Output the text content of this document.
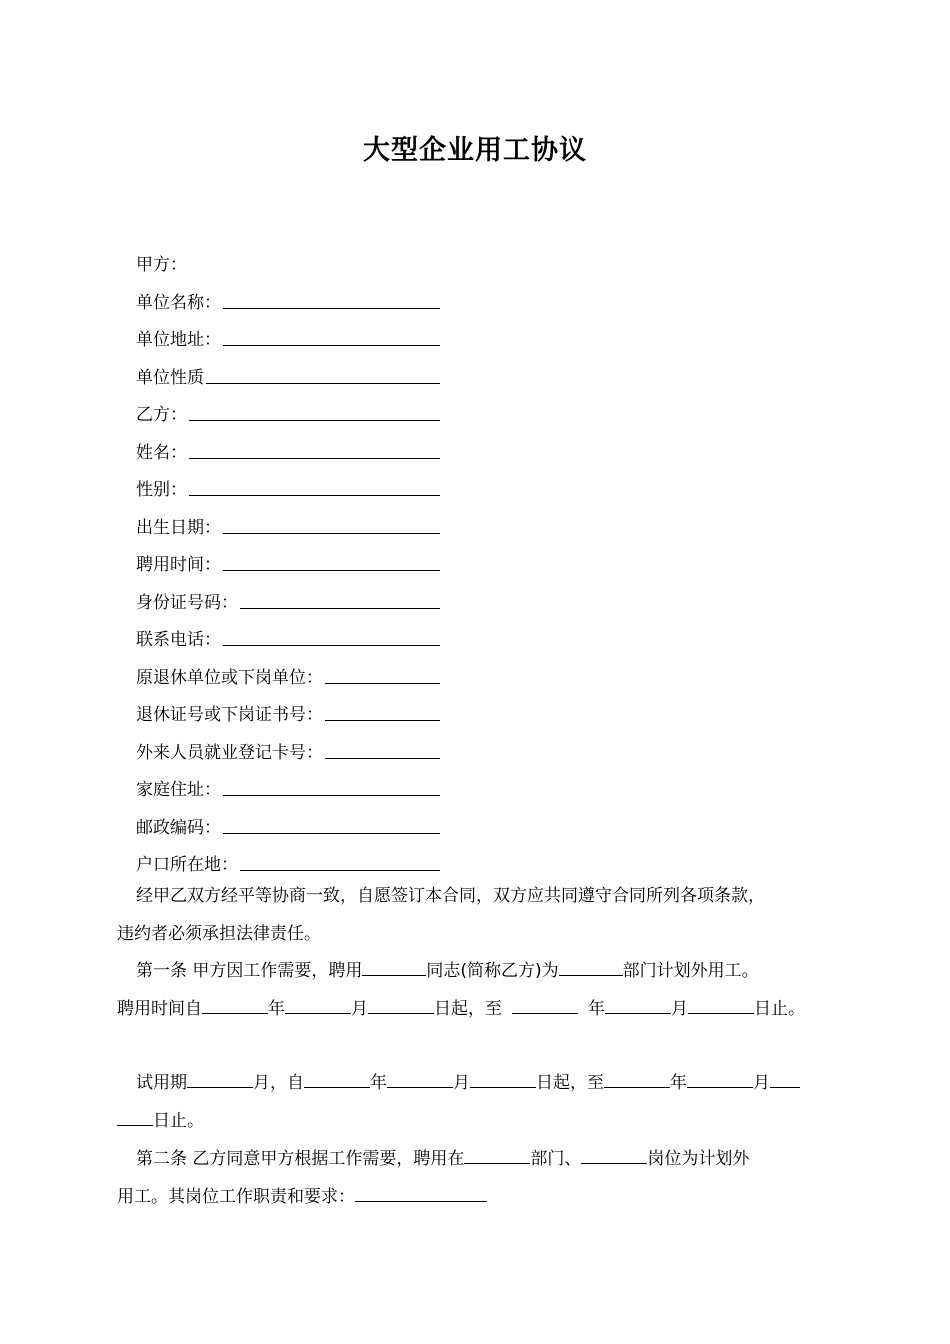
大型企业用工协议
甲方：
单位名称：
单位地址：
单位性质
乙方：
姓名：
性别：
出生日期：
聘用时间：
身份证号码：
联系电话：
原退休单位或下岗单位：
退休证号或下岗证书号：
外来人员就业登记卡号：
家庭住址：
邮政编码：
户口所在地：
经甲乙双方经平等协商一致，自愿签订本合同，双方应共同遵守合同所列各项条款，
违约者必须承担法律责任。
第一条 甲方因工作需要，聘用	同志(简称乙方)为	部门计划外用工。
聘用时间自	年	月	日起，至	年	月	日止。
试用期	月，自	年	月	日起，至	年	月
日止。
第二条 乙方同意甲方根据工作需要，聘用在	部门、	岗位为计划外
用工。其岗位工作职责和要求：
